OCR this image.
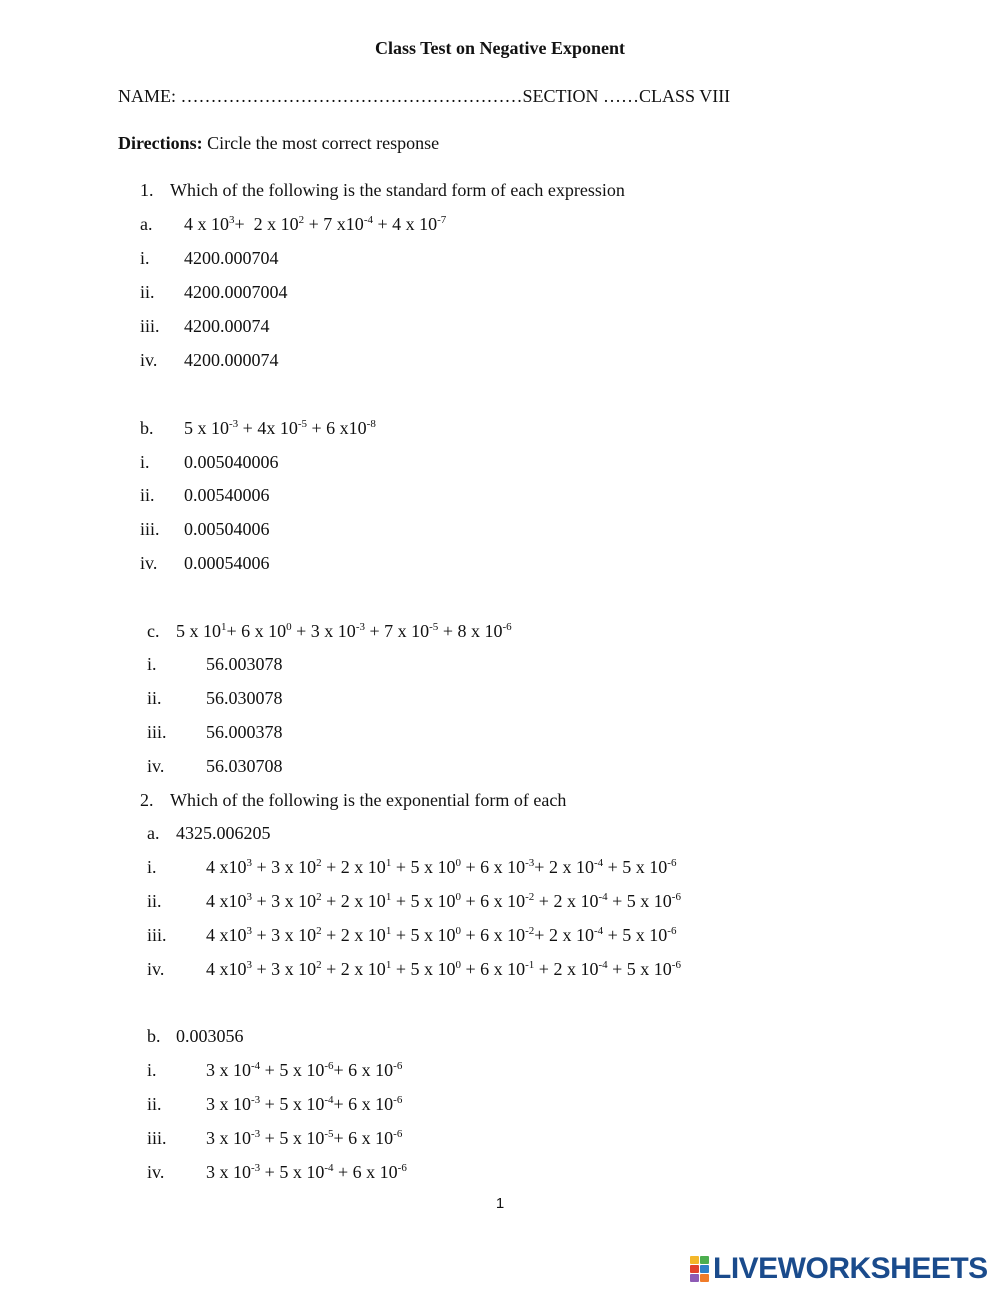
Class Test on Negative Exponent
NAME: …………………………………………………SECTION ……CLASS VIII
Directions: Circle the most correct response
1. Which of the following is the standard form of each expression
a. 4 x $10^3+ 2$ x $10^2 + 7$ $x10^{-4} + 4$ x $10^{-7}$
i. 4200.000704
ii. 4200.0007004
iii. 4200.00074
iv. 4200.000074
b. 5 x $10^{-3} + 4x$ $10^{-5} + 6$ $x10^{-8}$
i. 0.005040006
ii. 0.00540006
iii. 0.00504006
iv. 0.00054006
c. 5 x $10^1+ 6$ x $10^0 + 3$ x $10^{-3} + 7$ x $10^{-5} + 8$ x $10^{-6}$
i.	56.003078
ii. 56.030078
iii. 56.000378
iv. 56.030708
2. Which of the following is the exponential form of each
a. 4325.006205
i.	4 $x10^3 + 3$ x $10^2 + 2$ x $10^1 + 5$ x $10^0 + 6$ x $10^{-3}+ 2$ x $10^{-4} + 5$ x $10^{-6}$
ii. 4 $x10^3 + 3$ x $10^2 + 2$ x $10^1 + 5$ x $10^0 + 6$ x $10^{-2} + 2$ x $10^{-4} + 5$ x $10^{-6}$
iii. 4 $x10^3 + 3$ x $10^2 + 2$ x $10^1 + 5$ x $10^0 + 6$ x $10^{-2}+ 2$ x $10^{-4} + 5$ x $10^{-6}$
iv. 4 $x10^3 + 3$ x $10^2 + 2$ x $10^1 + 5$ x $10^0 + 6$ x $10^{-1} + 2$ x $10^{-4} + 5$ x $10^{-6}$
b. 0.003056
i.	3 x $10^{-4} + 5$ x $10^{-6}+ 6$ x $10^{-6}$
ii. 3 x $10^{-3} + 5$ x $10^{-4}+ 6$ x $10^{-6}$
iii. 3 x $10^{-3} + 5$ x $10^{-5}+ 6$ x $10^{-6}$
iv. 3 x $10^{-3} + 5$ x $10^{-4} + 6$ x $10^{-6}$
1
LIVEWORKSHEETS
